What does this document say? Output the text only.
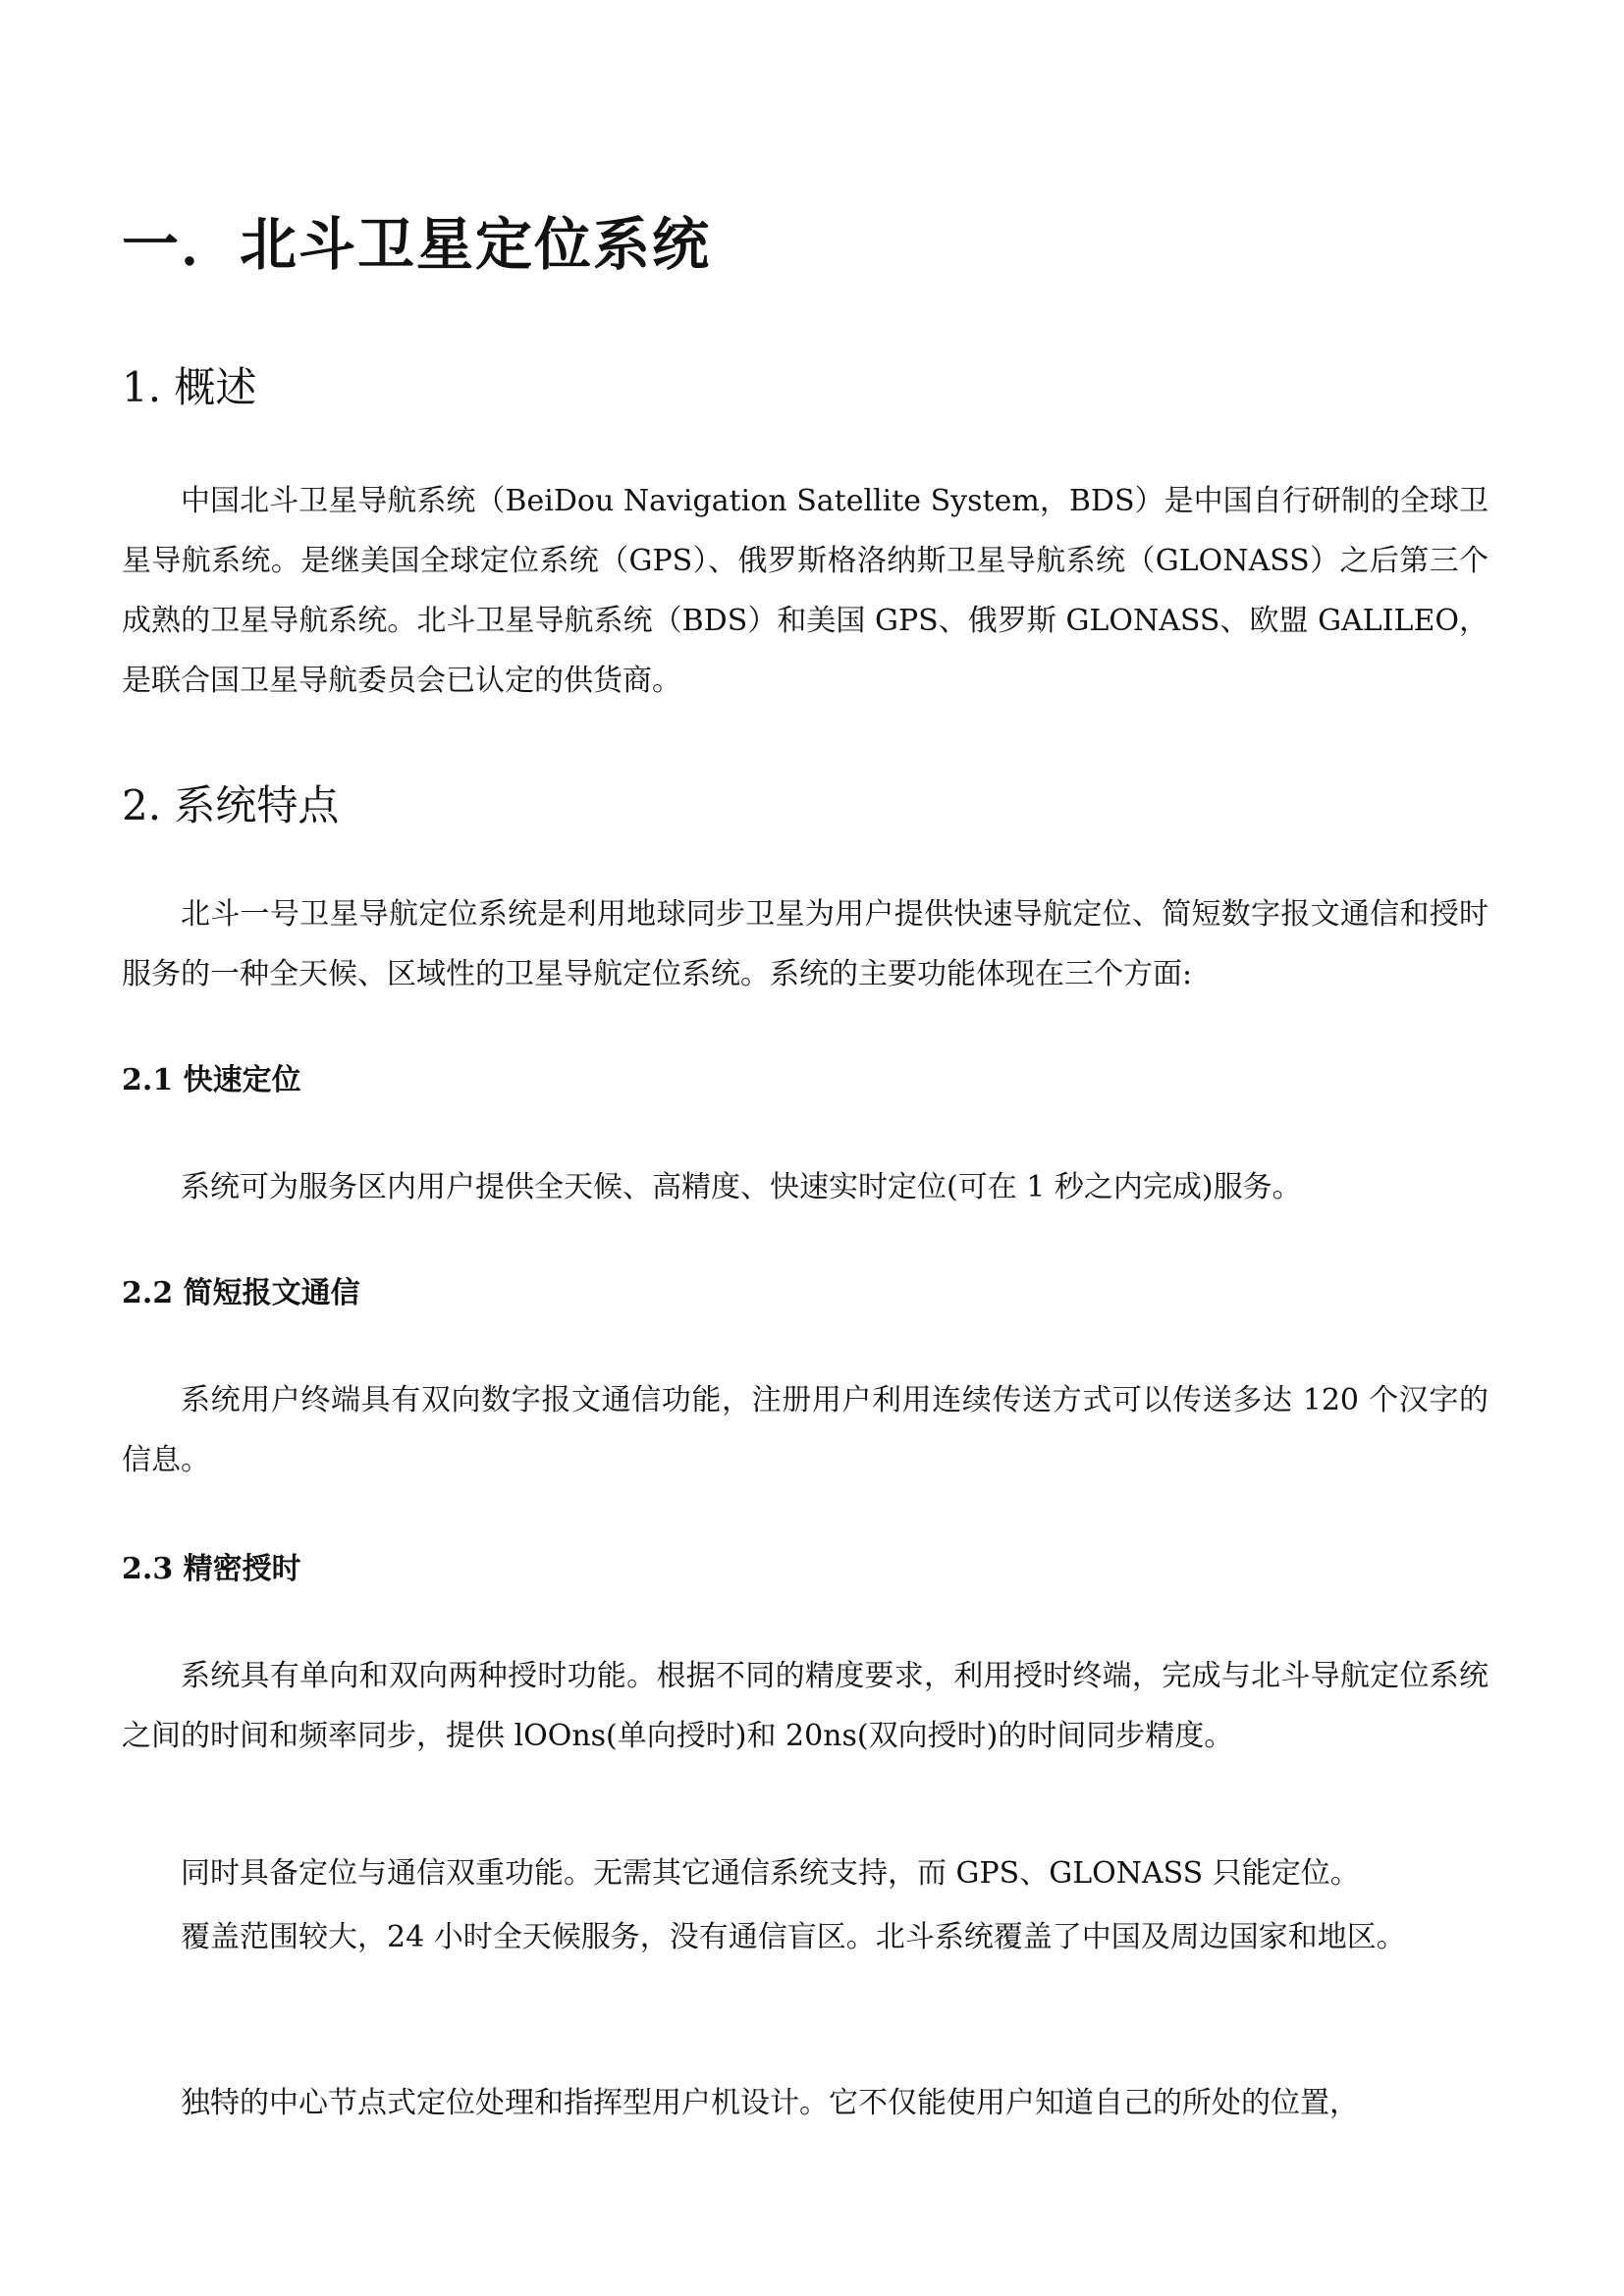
一．北斗卫星定位系统
1. 概述

中国北斗卫星导航系统（BeiDou Navigation Satellite System，BDS）是中国自行研制的全球卫星导航系统。是继美国全球定位系统（GPS）、俄罗斯格洛纳斯卫星导航系统（GLONASS）之后第三个成熟的卫星导航系统。北斗卫星导航系统（BDS）和美国 GPS、俄罗斯 GLONASS、欧盟 GALILEO，是联合国卫星导航委员会已认定的供货商。

2. 系统特点

北斗一号卫星导航定位系统是利用地球同步卫星为用户提供快速导航定位、简短数字报文通信和授时服务的一种全天候、区域性的卫星导航定位系统。系统的主要功能体现在三个方面:

2.1 快速定位

系统可为服务区内用户提供全天候、高精度、快速实时定位(可在 1 秒之内完成)服务。

2.2 简短报文通信

系统用户终端具有双向数字报文通信功能，注册用户利用连续传送方式可以传送多达 120 个汉字的信息。

2.3 精密授时

系统具有单向和双向两种授时功能。根据不同的精度要求，利用授时终端，完成与北斗导航定位系统之间的时间和频率同步，提供 lOOns(单向授时)和 20ns(双向授时)的时间同步精度。

同时具备定位与通信双重功能。无需其它通信系统支持，而 GPS、GLONASS 只能定位。

覆盖范围较大，24 小时全天候服务，没有通信盲区。北斗系统覆盖了中国及周边国家和地区。

独特的中心节点式定位处理和指挥型用户机设计。它不仅能使用户知道自己的所处的位置，
